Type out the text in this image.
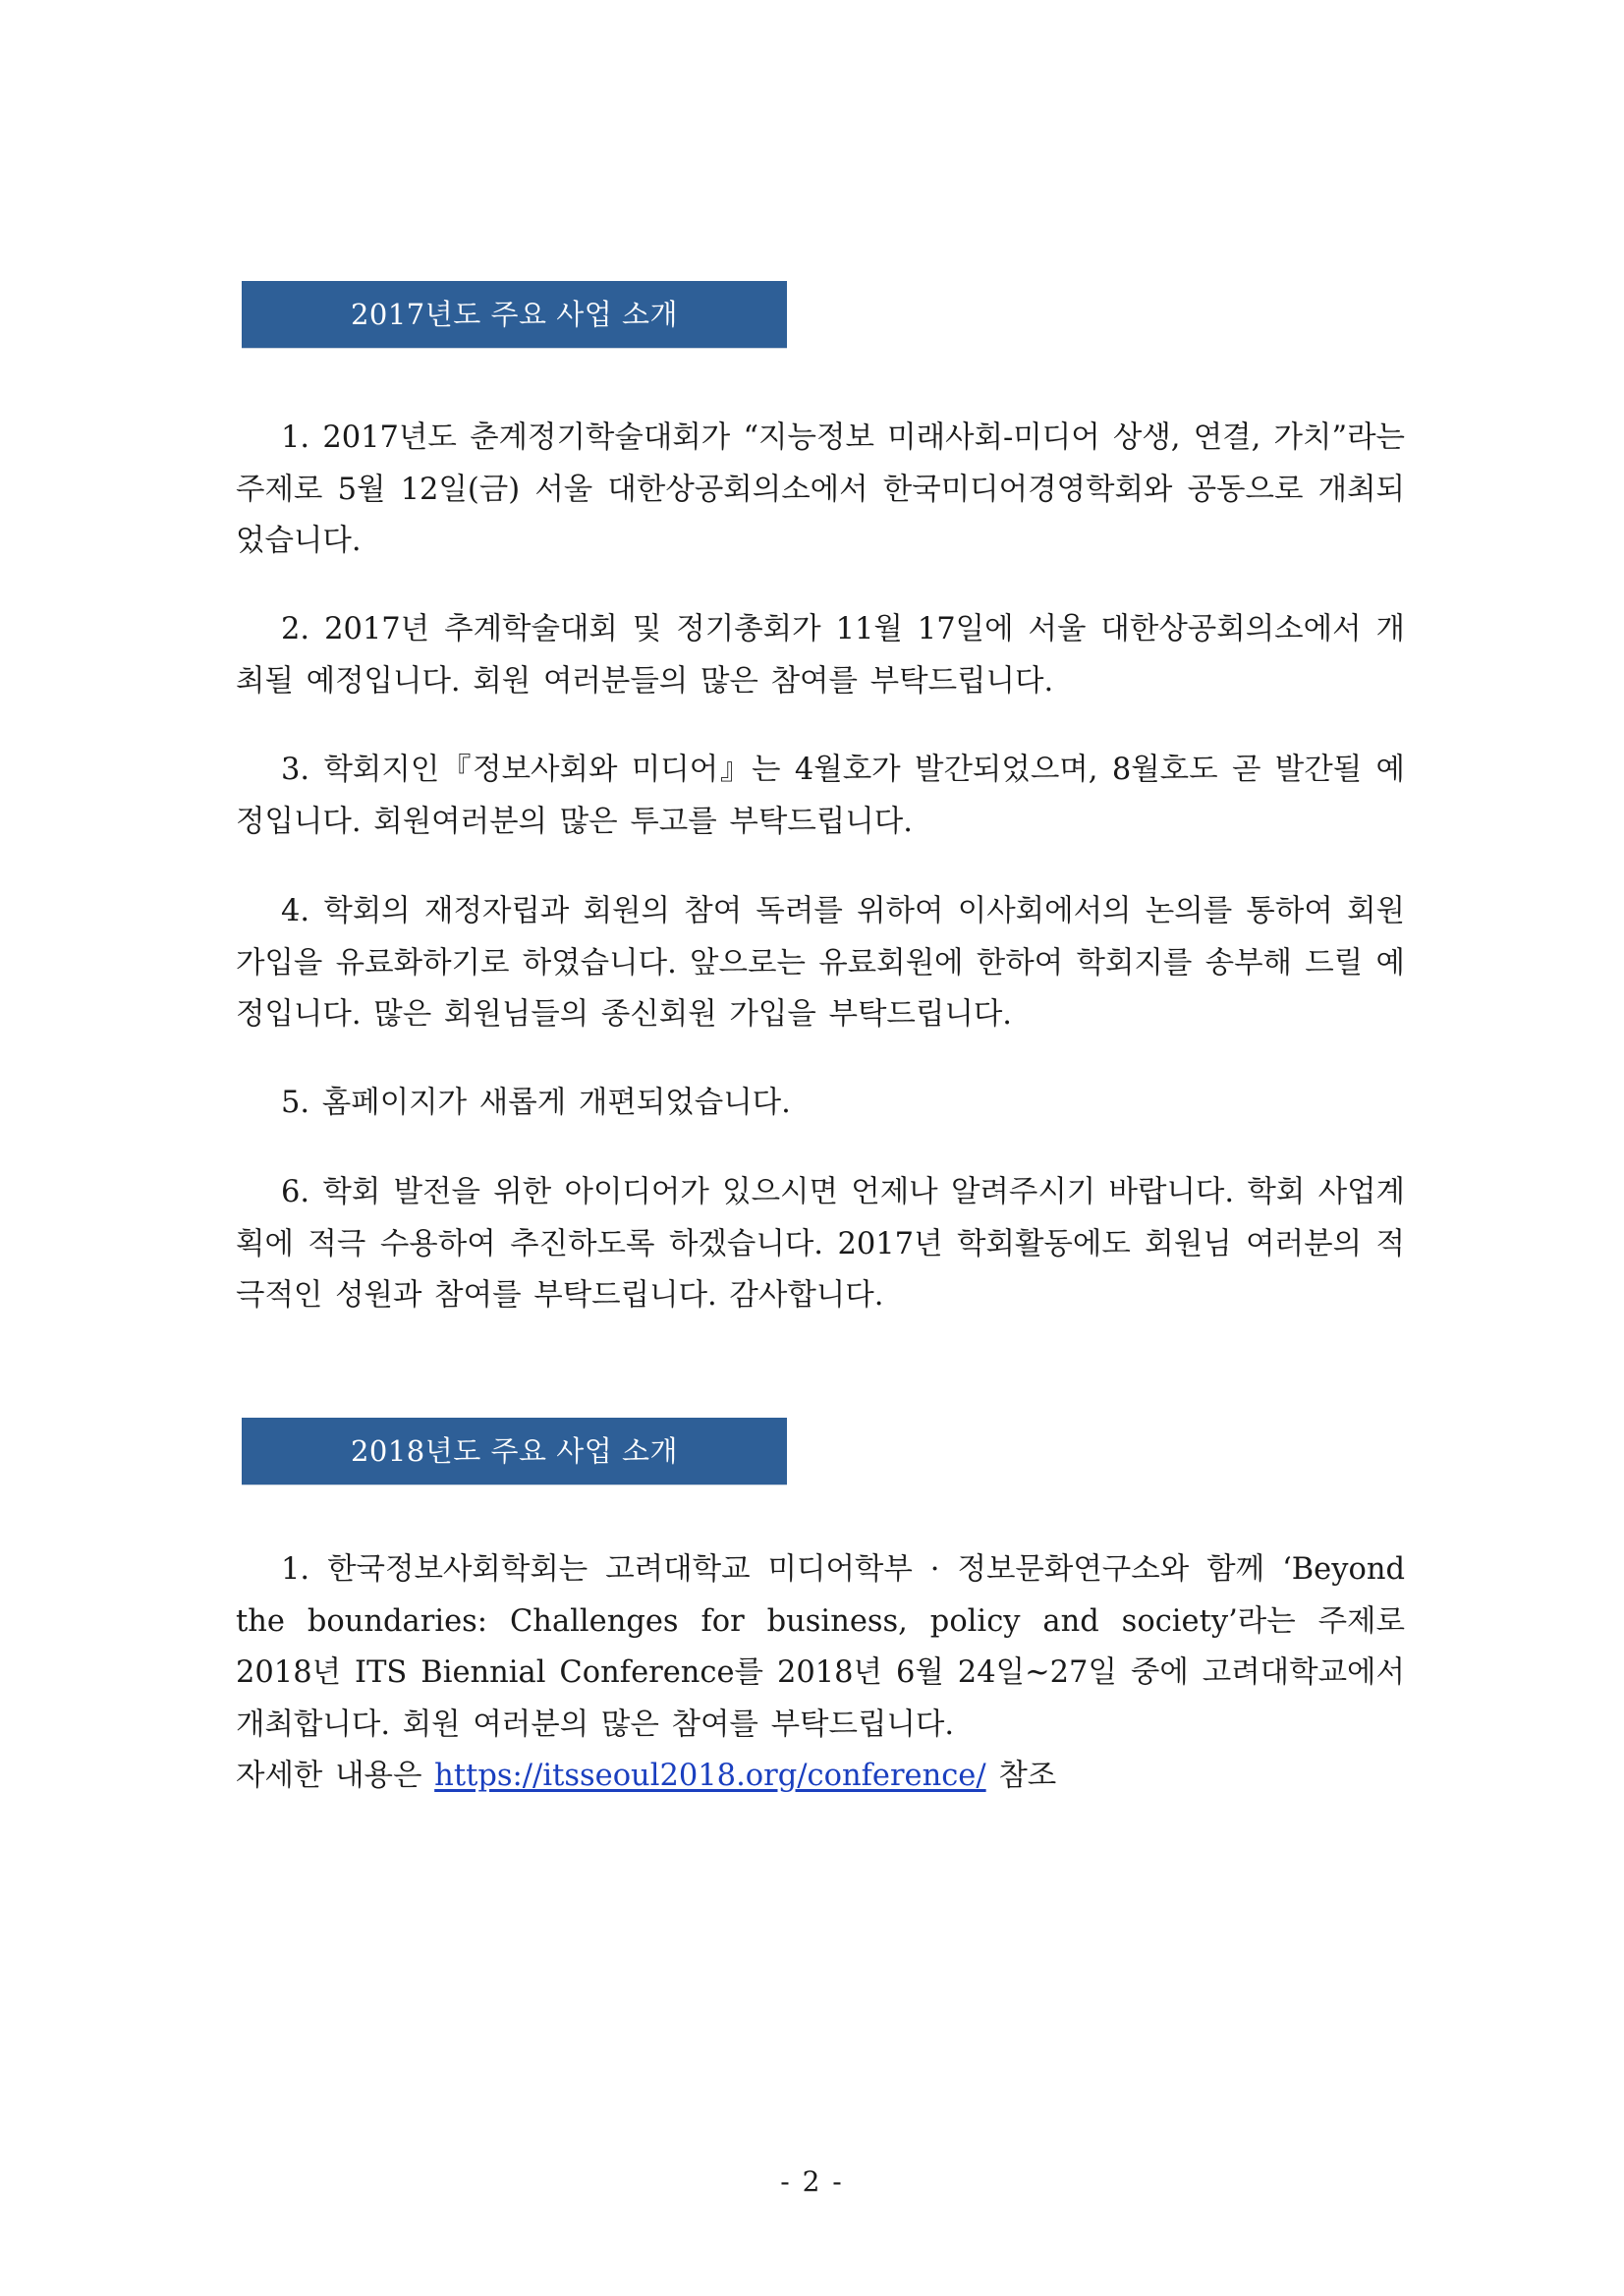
2017년도 주요 사업 소개

1. 2017년도 춘계정기학술대회가 “지능정보 미래사회-미디어 상생, 연결, 가치”라는 주제로 5월 12일(금) 서울 대한상공회의소에서 한국미디어경영학회와 공동으로 개최되었습니다.

2. 2017년 추계학술대회 및 정기총회가 11월 17일에 서울 대한상공회의소에서 개최될 예정입니다. 회원 여러분들의 많은 참여를 부탁드립니다.

3. 학회지인『정보사회와 미디어』는 4월호가 발간되었으며, 8월호도 곧 발간될 예정입니다. 회원여러분의 많은 투고를 부탁드립니다.

4. 학회의 재정자립과 회원의 참여 독려를 위하여 이사회에서의 논의를 통하여 회원 가입을 유료화하기로 하였습니다. 앞으로는 유료회원에 한하여 학회지를 송부해 드릴 예정입니다. 많은 회원님들의 종신회원 가입을 부탁드립니다.

5. 홈페이지가 새롭게 개편되었습니다.

6. 학회 발전을 위한 아이디어가 있으시면 언제나 알려주시기 바랍니다. 학회 사업계획에 적극 수용하여 추진하도록 하겠습니다. 2017년 학회활동에도 회원님 여러분의 적극적인 성원과 참여를 부탁드립니다. 감사합니다.

2018년도 주요 사업 소개

1. 한국정보사회학회는 고려대학교 미디어학부 · 정보문화연구소와 함께 ‘Beyond the boundaries: Challenges for business, policy and society’라는 주제로 2018년 ITS Biennial Conference를 2018년 6월 24일~27일 중에 고려대학교에서 개최합니다. 회원 여러분의 많은 참여를 부탁드립니다.

자세한 내용은 https://itsseoul2018.org/conference/ 참조

- 2 -
